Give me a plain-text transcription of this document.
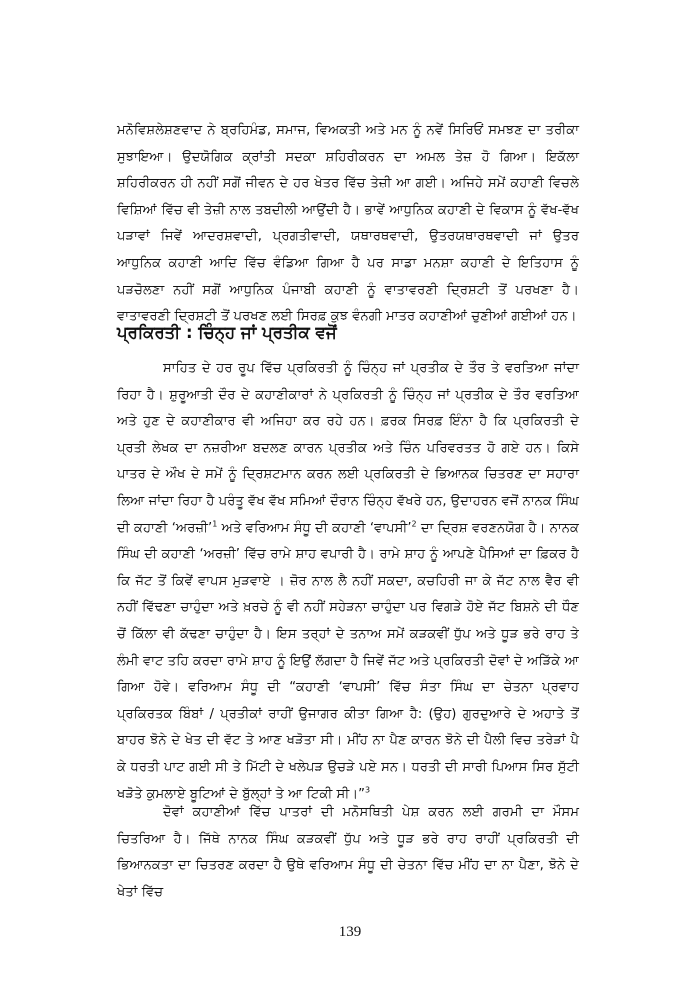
ਮਨੋਵਿਸ਼ਲੇਸ਼ਣਵਾਦ ਨੇ ਬ੍ਰਹਿਮੰਡ, ਸਮਾਜ, ਵਿਅਕਤੀ ਅਤੇ ਮਨ ਨੂੰ ਨਵੇਂ ਸਿਰਿਓਂ ਸਮਝਣ ਦਾ ਤਰੀਕਾ ਸੁਝਾਇਆ। ਉਦਯੋਗਿਕ ਕ੍ਰਾਂਤੀ ਸਦਕਾ ਸ਼ਹਿਰੀਕਰਨ ਦਾ ਅਮਲ ਤੇਜ਼ ਹੋ ਗਿਆ। ਇਕੱਲਾ ਸ਼ਹਿਰੀਕਰਨ ਹੀ ਨਹੀਂ ਸਗੋਂ ਜੀਵਨ ਦੇ ਹਰ ਖੇਤਰ ਵਿੱਚ ਤੇਜ਼ੀ ਆ ਗਈ। ਅਜਿਹੇ ਸਮੇਂ ਕਹਾਣੀ ਵਿਚਲੇ ਵਿਸ਼ਿਆਂ ਵਿੱਚ ਵੀ ਤੇਜ਼ੀ ਨਾਲ ਤਬਦੀਲੀ ਆਉਂਦੀ ਹੈ। ਭਾਵੇਂ ਆਧੁਨਿਕ ਕਹਾਣੀ ਦੇ ਵਿਕਾਸ ਨੂੰ ਵੱਖ-ਵੱਖ ਪੜਾਵਾਂ ਜਿਵੇਂ ਆਦਰਸ਼ਵਾਦੀ, ਪ੍ਰਗਤੀਵਾਦੀ, ਯਥਾਰਥਵਾਦੀ, ਉਤਰਯਥਾਰਥਵਾਦੀ ਜਾਂ ਉਤਰ ਆਧੁਨਿਕ ਕਹਾਣੀ ਆਦਿ ਵਿੱਚ ਵੰਡਿਆ ਗਿਆ ਹੈ ਪਰ ਸਾਡਾ ਮਨਸ਼ਾ ਕਹਾਣੀ ਦੇ ਇਤਿਹਾਸ ਨੂੰ ਪੜਚੋਲਣਾ ਨਹੀਂ ਸਗੋਂ ਆਧੁਨਿਕ ਪੰਜਾਬੀ ਕਹਾਣੀ ਨੂੰ ਵਾਤਾਵਰਣੀ ਦ੍ਰਿਸ਼ਟੀ ਤੋਂ ਪਰਖਣਾ ਹੈ। ਵਾਤਾਵਰਣੀ ਦ੍ਰਿਸ਼ਟੀ ਤੋਂ ਪਰਖਣ ਲਈ ਸਿਰਫ਼ ਕੁਝ ਵੰਨਗੀ ਮਾਤਰ ਕਹਾਣੀਆਂ ਚੁਣੀਆਂ ਗਈਆਂ ਹਨ।

ਪ੍ਰਕਿਰਤੀ : ਚਿੰਨ੍ਹ ਜਾਂ ਪ੍ਰਤੀਕ ਵਜੋਂ

ਸਾਹਿਤ ਦੇ ਹਰ ਰੂਪ ਵਿੱਚ ਪ੍ਰਕਿਰਤੀ ਨੂੰ ਚਿੰਨ੍ਹ ਜਾਂ ਪ੍ਰਤੀਕ ਦੇ ਤੌਰ ਤੇ ਵਰਤਿਆ ਜਾਂਦਾ ਰਿਹਾ ਹੈ। ਸ਼ੁਰੂਆਤੀ ਦੌਰ ਦੇ ਕਹਾਣੀਕਾਰਾਂ ਨੇ ਪ੍ਰਕਿਰਤੀ ਨੂੰ ਚਿੰਨ੍ਹ ਜਾਂ ਪ੍ਰਤੀਕ ਦੇ ਤੌਰ ਵਰਤਿਆ ਅਤੇ ਹੁਣ ਦੇ ਕਹਾਣੀਕਾਰ ਵੀ ਅਜਿਹਾ ਕਰ ਰਹੇ ਹਨ। ਫ਼ਰਕ ਸਿਰਫ਼ ਇੰਨਾ ਹੈ ਕਿ ਪ੍ਰਕਿਰਤੀ ਦੇ ਪ੍ਰਤੀ ਲੇਖਕ ਦਾ ਨਜ਼ਰੀਆ ਬਦਲਣ ਕਾਰਨ ਪ੍ਰਤੀਕ ਅਤੇ ਚਿੰਨ ਪਰਿਵਰਤਤ ਹੋ ਗਏ ਹਨ। ਕਿਸੇ ਪਾਤਰ ਦੇ ਔਖ ਦੇ ਸਮੇਂ ਨੂੰ ਦ੍ਰਿਸ਼ਟਮਾਨ ਕਰਨ ਲਈ ਪ੍ਰਕਿਰਤੀ ਦੇ ਭਿਆਨਕ ਚਿਤਰਣ ਦਾ ਸਹਾਰਾ ਲਿਆ ਜਾਂਦਾ ਰਿਹਾ ਹੈ ਪਰੰਤੂ ਵੱਖ ਵੱਖ ਸਮਿਆਂ ਦੌਰਾਨ ਚਿੰਨ੍ਹ ਵੱਖਰੇ ਹਨ, ਉਦਾਹਰਨ ਵਜੋਂ ਨਾਨਕ ਸਿੰਘ ਦੀ ਕਹਾਣੀ ‘ਅਰਜ਼ੀ’$^1$ ਅਤੇ ਵਰਿਆਮ ਸੰਧੂ ਦੀ ਕਹਾਣੀ ‘ਵਾਪਸੀ’$^2$ ਦਾ ਦ੍ਰਿਸ਼ ਵਰਣਨਯੋਗ ਹੈ। ਨਾਨਕ ਸਿੰਘ ਦੀ ਕਹਾਣੀ ‘ਅਰਜ਼ੀ’ ਵਿੱਚ ਰਾਮੇ ਸ਼ਾਹ ਵਪਾਰੀ ਹੈ। ਰਾਮੇ ਸ਼ਾਹ ਨੂੰ ਆਪਣੇ ਪੈਸਿਆਂ ਦਾ ਫ਼ਿਕਰ ਹੈ ਕਿ ਜੱਟ ਤੋਂ ਕਿਵੇਂ ਵਾਪਸ ਮੁੜਵਾਏ । ਜ਼ੋਰ ਨਾਲ ਲੈ ਨਹੀਂ ਸਕਦਾ, ਕਚਹਿਰੀ ਜਾ ਕੇ ਜੱਟ ਨਾਲ ਵੈਰ ਵੀ ਨਹੀਂ ਵਿੱਢਣਾ ਚਾਹੁੰਦਾ ਅਤੇ ਖ਼ਰਚੇ ਨੂੰ ਵੀ ਨਹੀਂ ਸਹੇੜਨਾ ਚਾਹੁੰਦਾ ਪਰ ਵਿਗੜੇ ਹੋਏ ਜੱਟ ਬਿਸ਼ਨੇ ਦੀ ਧੌਣ ਚੋਂ ਕਿੱਲਾ ਵੀ ਕੱਢਣਾ ਚਾਹੁੰਦਾ ਹੈ। ਇਸ ਤਰ੍ਹਾਂ ਦੇ ਤਨਾਅ ਸਮੇਂ ਕੜਕਵੀਂ ਧੁੱਪ ਅਤੇ ਧੂੜ ਭਰੇ ਰਾਹ ਤੇ ਲੰਮੀ ਵਾਟ ਤਹਿ ਕਰਦਾ ਰਾਮੇ ਸ਼ਾਹ ਨੂੰ ਇਉਂ ਲੱਗਦਾ ਹੈ ਜਿਵੇਂ ਜੱਟ ਅਤੇ ਪ੍ਰਕਿਰਤੀ ਦੋਵਾਂ ਦੇ ਅੜਿੱਕੇ ਆ ਗਿਆ ਹੋਵੇ। ਵਰਿਆਮ ਸੰਧੂ ਦੀ “ਕਹਾਣੀ ‘ਵਾਪਸੀ’ ਵਿੱਚ ਸੰਤਾ ਸਿੰਘ ਦਾ ਚੇਤਨਾ ਪ੍ਰਵਾਹ ਪ੍ਰਕਿਰਤਕ ਬਿੰਬਾਂ / ਪ੍ਰਤੀਕਾਂ ਰਾਹੀਂ ਉਜਾਗਰ ਕੀਤਾ ਗਿਆ ਹੈ: (ਉਹ) ਗੁਰਦੁਆਰੇ ਦੇ ਅਹਾਤੇ ਤੋਂ ਬਾਹਰ ਝੋਨੇ ਦੇ ਖੇਤ ਦੀ ਵੱਟ ਤੇ ਆਣ ਖੜੋਤਾ ਸੀ। ਮੀਂਹ ਨਾ ਪੈਣ ਕਾਰਨ ਝੋਨੇ ਦੀ ਪੈਲੀ ਵਿਚ ਤਰੇੜਾਂ ਪੈ ਕੇ ਧਰਤੀ ਪਾਟ ਗਈ ਸੀ ਤੇ ਮਿੱਟੀ ਦੇ ਖਲੇਪੜ ਉਚੜੇ ਪਏ ਸਨ। ਧਰਤੀ ਦੀ ਸਾਰੀ ਪਿਆਸ ਸਿਰ ਸੁੱਟੀ ਖੜੋਤੇ ਕੁਮਲਾਏ ਬੂਟਿਆਂ ਦੇ ਬੁੱਲ੍ਹਾਂ ਤੇ ਆ ਟਿਕੀ ਸੀ।”$^3$

ਦੋਵਾਂ ਕਹਾਣੀਆਂ ਵਿੱਚ ਪਾਤਰਾਂ ਦੀ ਮਨੋਸਥਿਤੀ ਪੇਸ਼ ਕਰਨ ਲਈ ਗਰਮੀ ਦਾ ਮੌਸਮ ਚਿਤਰਿਆ ਹੈ। ਜਿੱਥੇ ਨਾਨਕ ਸਿੰਘ ਕੜਕਵੀਂ ਧੁੱਪ ਅਤੇ ਧੂੜ ਭਰੇ ਰਾਹ ਰਾਹੀਂ ਪ੍ਰਕਿਰਤੀ ਦੀ ਭਿਆਨਕਤਾ ਦਾ ਚਿਤਰਣ ਕਰਦਾ ਹੈ ਉਥੇ ਵਰਿਆਮ ਸੰਧੂ ਦੀ ਚੇਤਨਾ ਵਿੱਚ ਮੀਂਹ ਦਾ ਨਾ ਪੈਣਾ, ਝੋਨੇ ਦੇ ਖੇਤਾਂ ਵਿੱਚ

139
